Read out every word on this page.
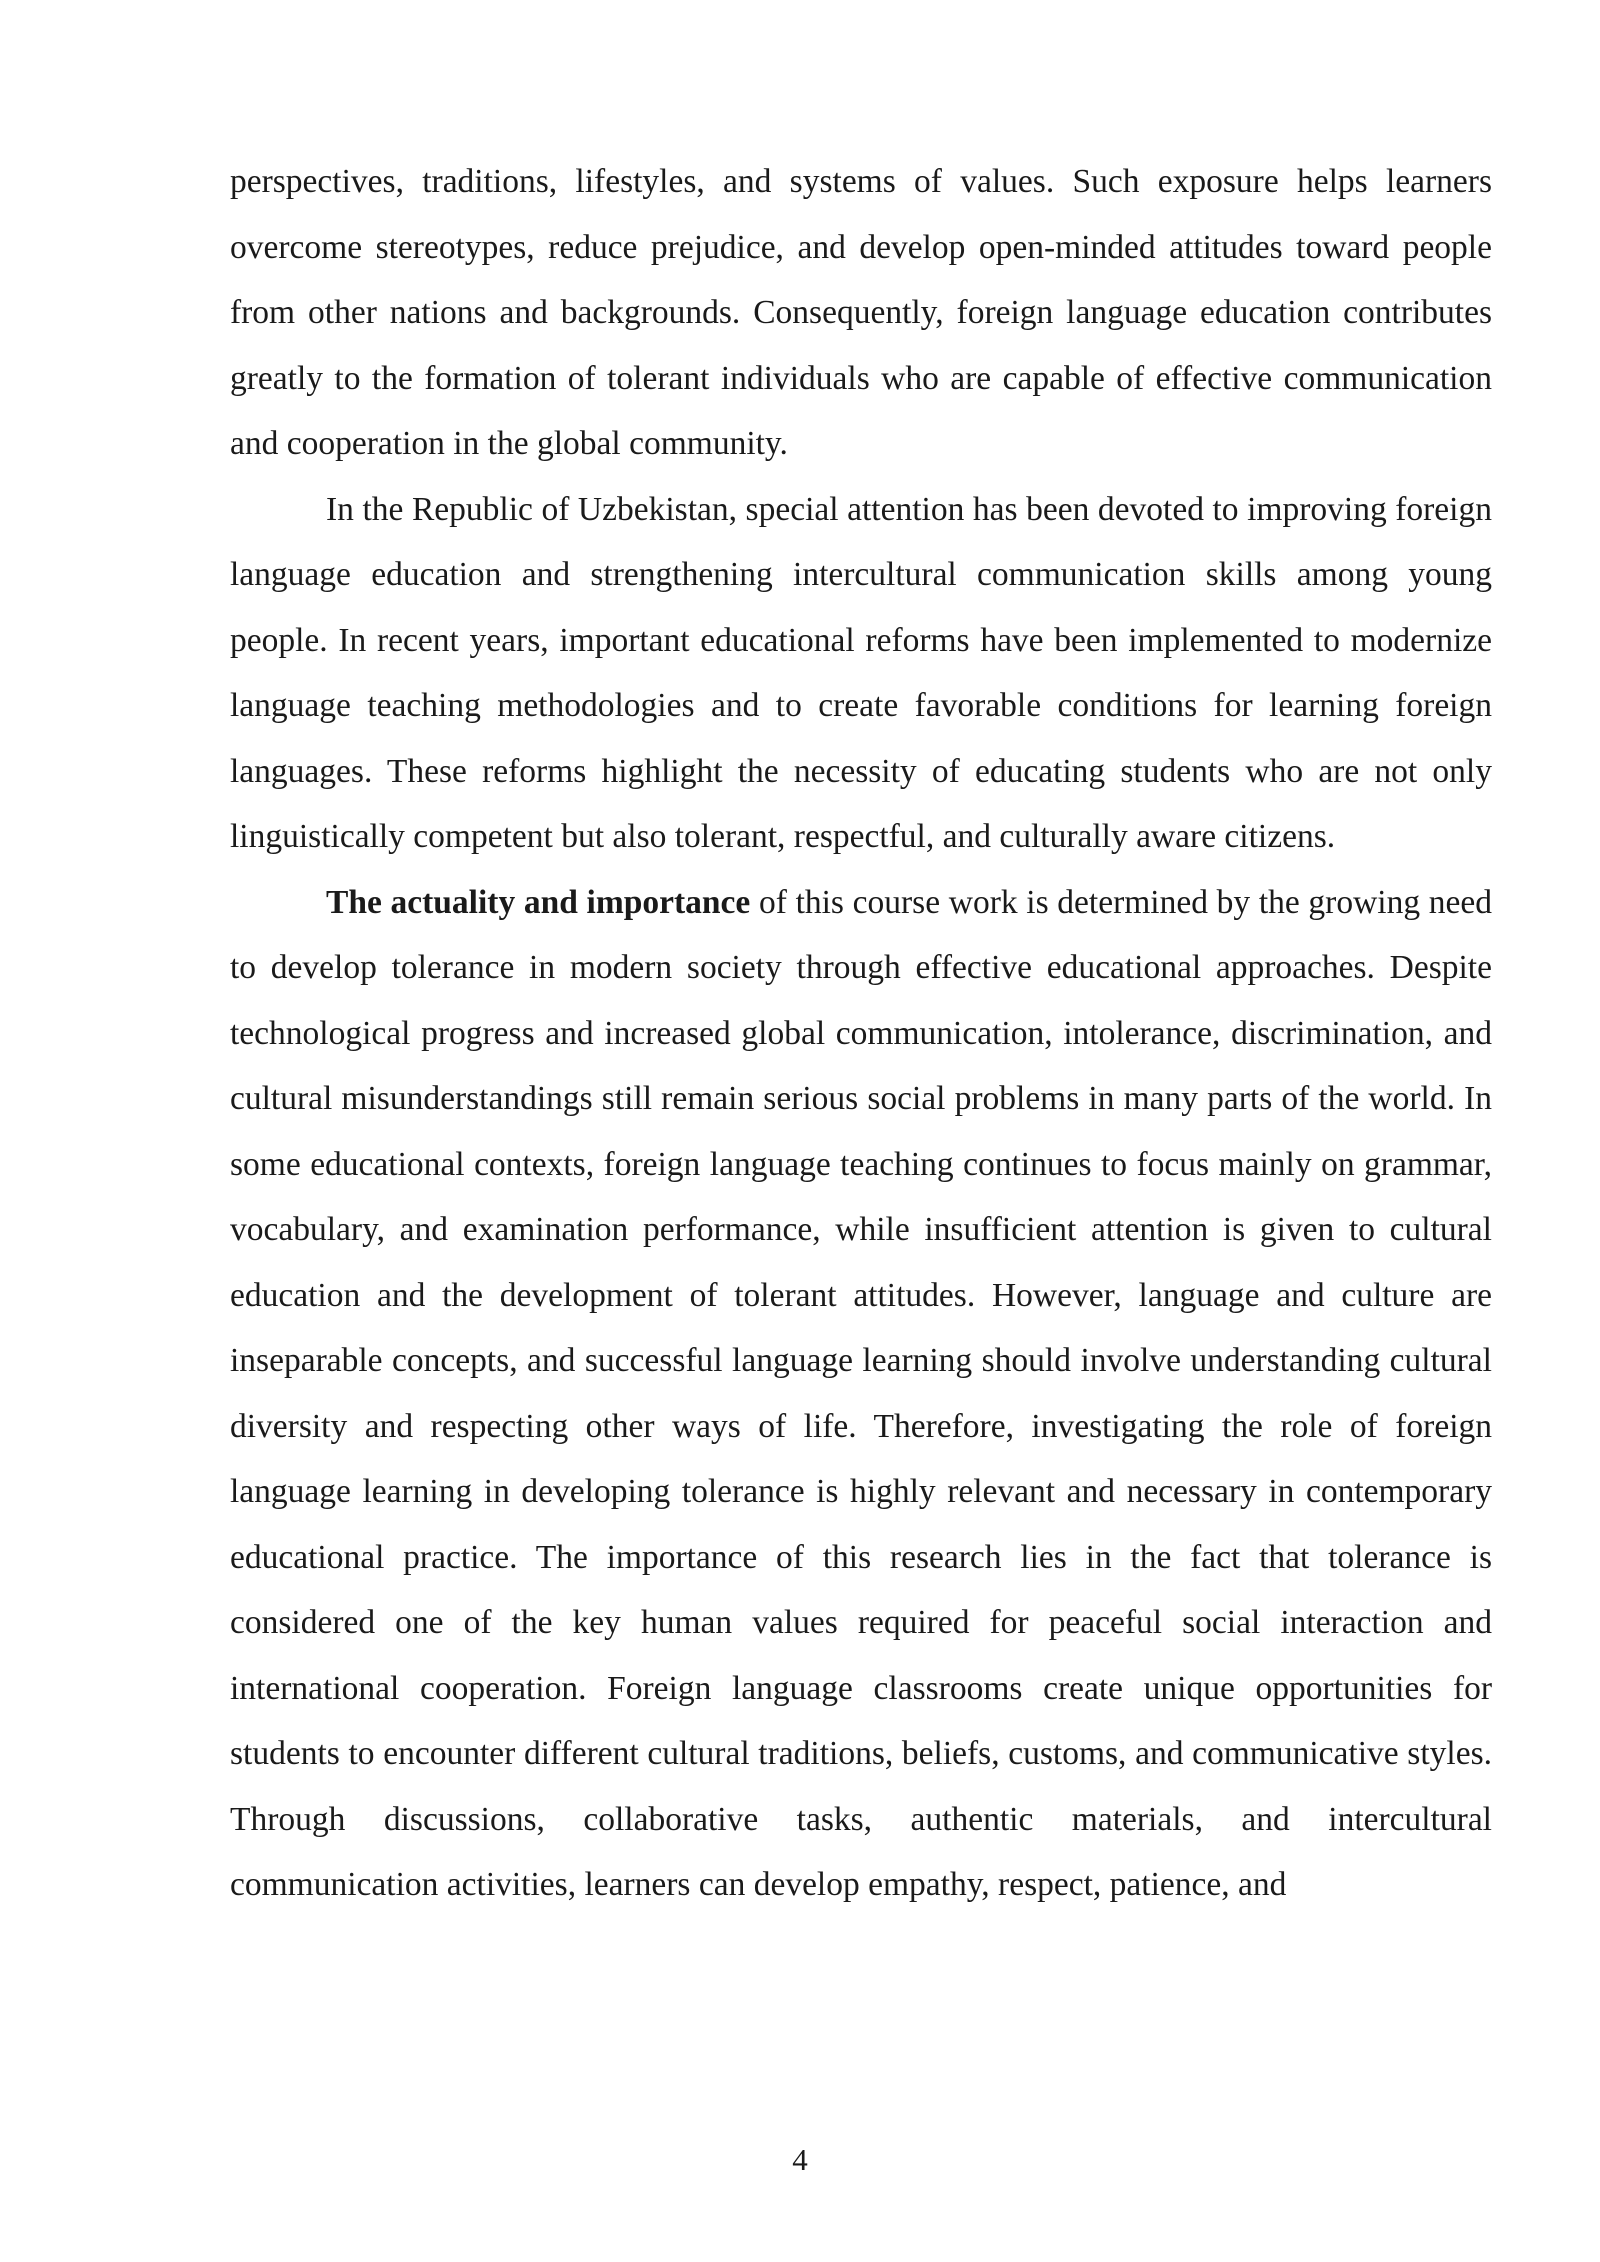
perspectives, traditions, lifestyles, and systems of values. Such exposure helps learners overcome stereotypes, reduce prejudice, and develop open-minded attitudes toward people from other nations and backgrounds. Consequently, foreign language education contributes greatly to the formation of tolerant individuals who are capable of effective communication and cooperation in the global community.

In the Republic of Uzbekistan, special attention has been devoted to improving foreign language education and strengthening intercultural communication skills among young people. In recent years, important educational reforms have been implemented to modernize language teaching methodologies and to create favorable conditions for learning foreign languages. These reforms highlight the necessity of educating students who are not only linguistically competent but also tolerant, respectful, and culturally aware citizens.

The actuality and importance of this course work is determined by the growing need to develop tolerance in modern society through effective educational approaches. Despite technological progress and increased global communication, intolerance, discrimination, and cultural misunderstandings still remain serious social problems in many parts of the world. In some educational contexts, foreign language teaching continues to focus mainly on grammar, vocabulary, and examination performance, while insufficient attention is given to cultural education and the development of tolerant attitudes. However, language and culture are inseparable concepts, and successful language learning should involve understanding cultural diversity and respecting other ways of life. Therefore, investigating the role of foreign language learning in developing tolerance is highly relevant and necessary in contemporary educational practice. The importance of this research lies in the fact that tolerance is considered one of the key human values required for peaceful social interaction and international cooperation. Foreign language classrooms create unique opportunities for students to encounter different cultural traditions, beliefs, customs, and communicative styles. Through discussions, collaborative tasks, authentic materials, and intercultural communication activities, learners can develop empathy, respect, patience, and

4
